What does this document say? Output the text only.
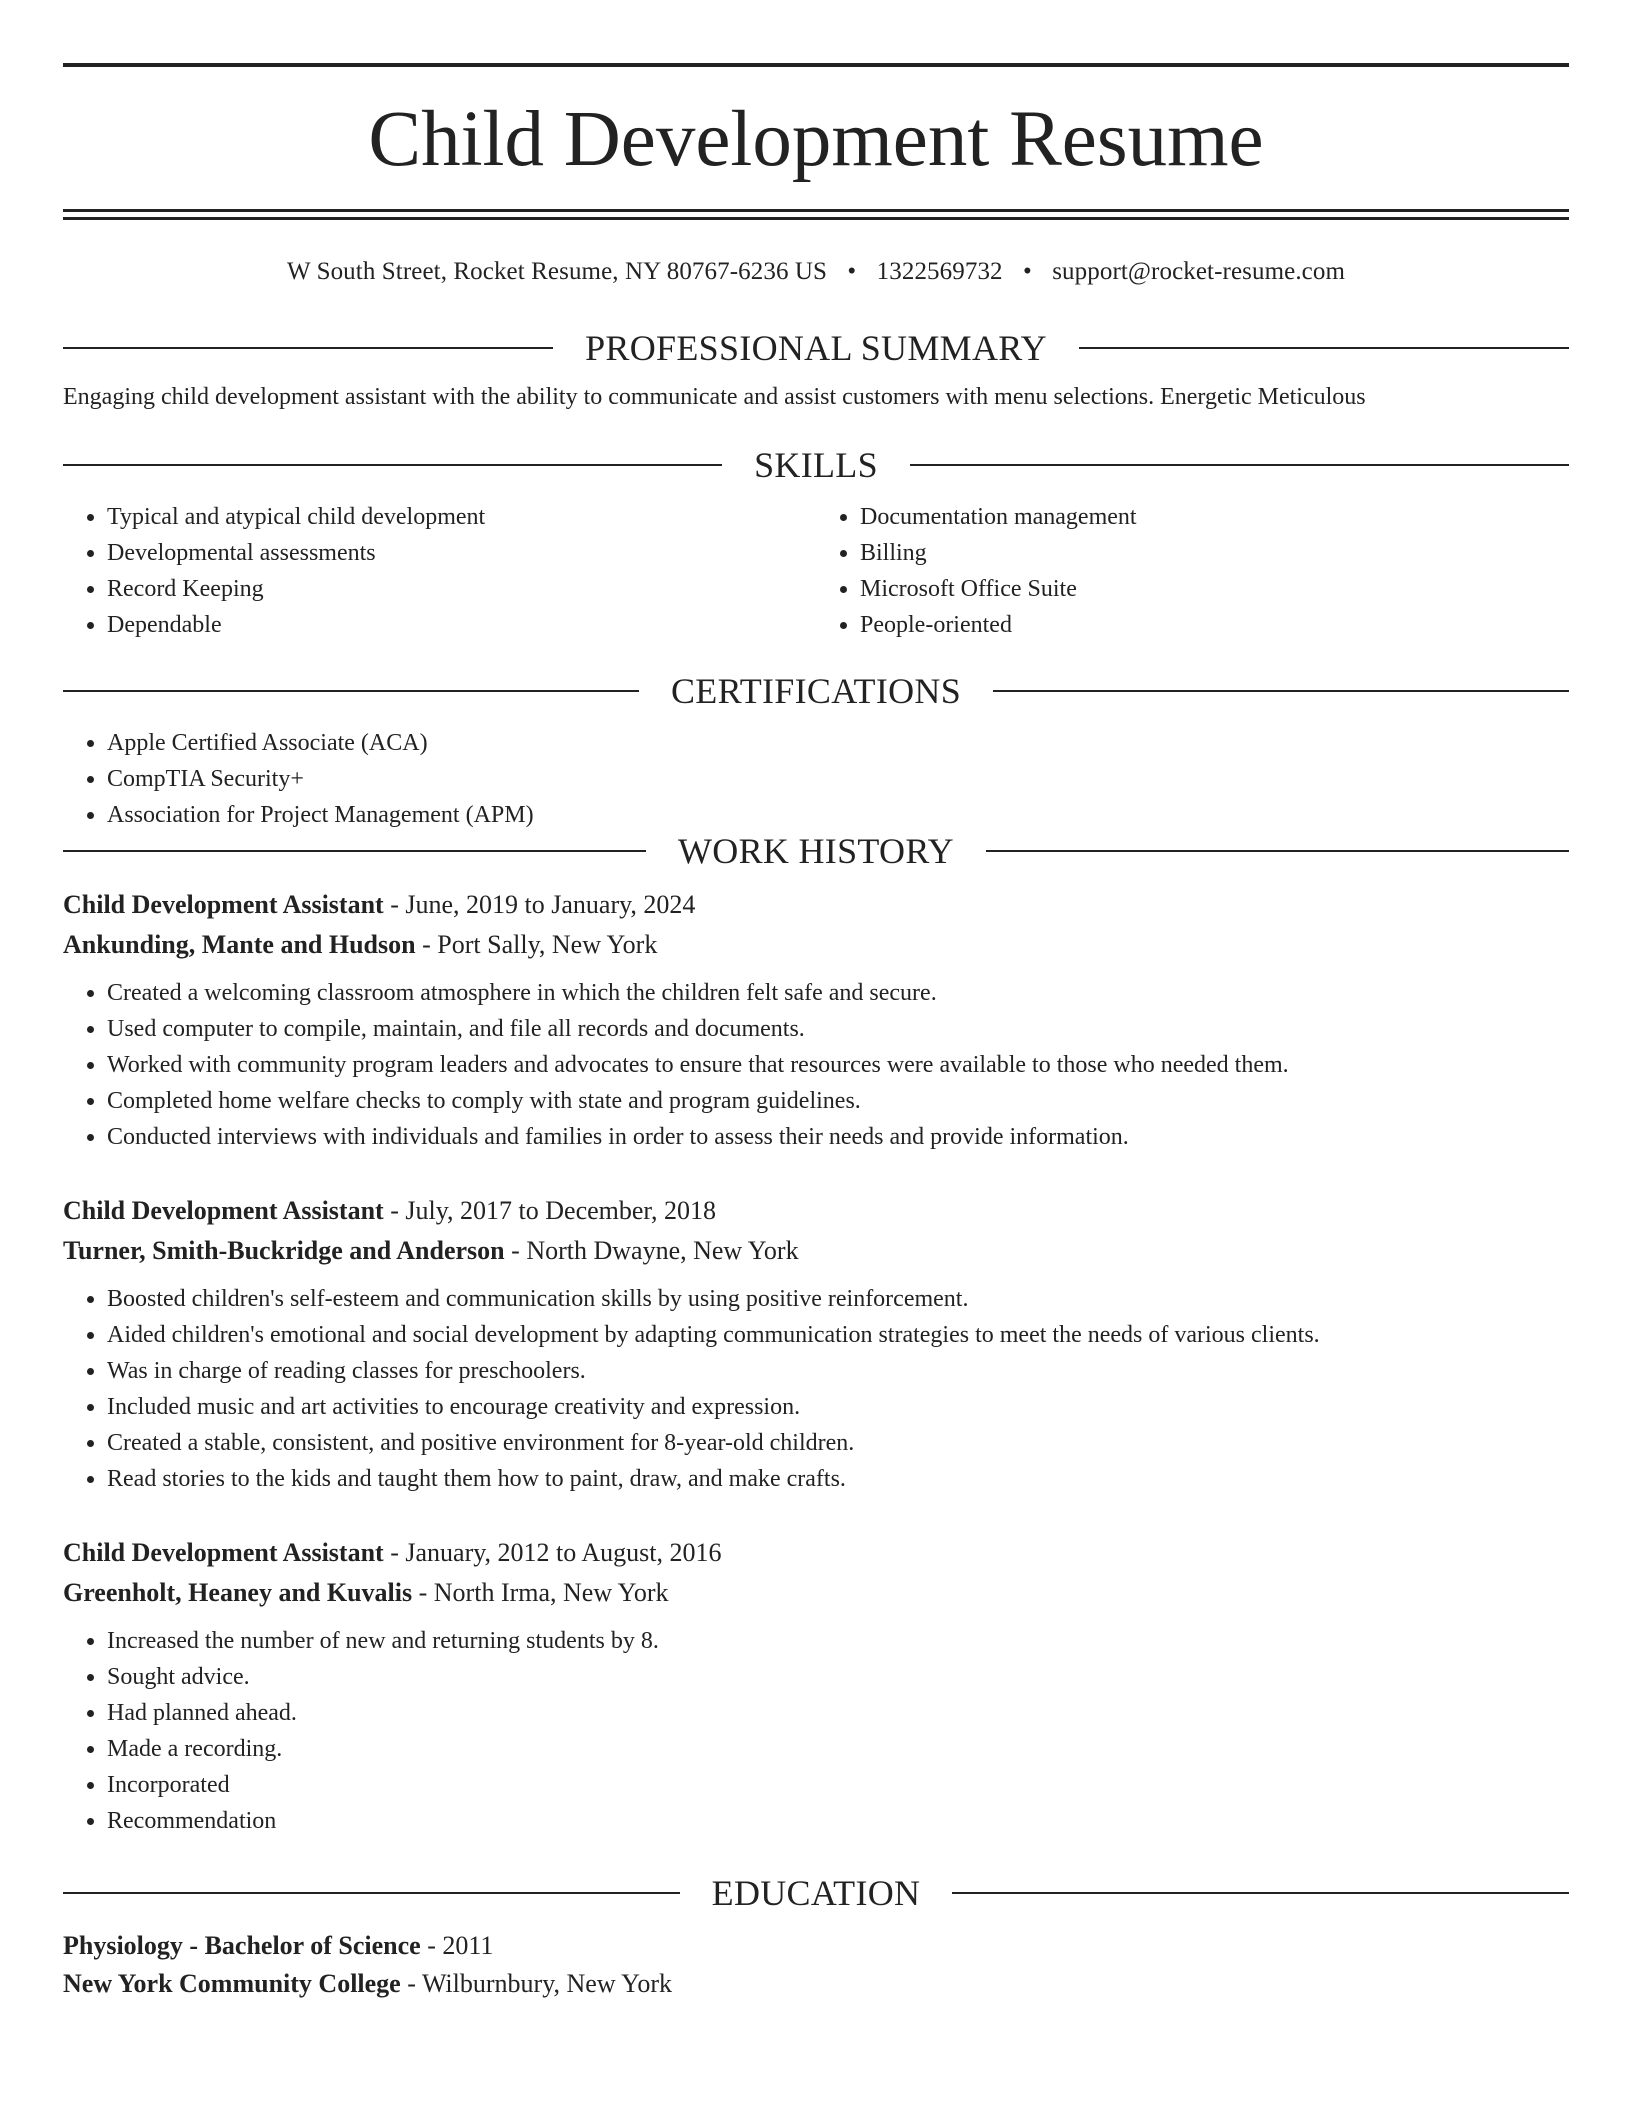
Child Development Resume
W South Street, Rocket Resume, NY 80767-6236 US • 1322569732 • support@rocket-resume.com
PROFESSIONAL SUMMARY

Engaging child development assistant with the ability to communicate and assist customers with menu selections. Energetic Meticulous

SKILLS
• Typical and atypical child development
• Developmental assessments
• Record Keeping
• Dependable
• Documentation management
• Billing
• Microsoft Office Suite
• People-oriented
CERTIFICATIONS
• Apple Certified Associate (ACA)
• CompTIA Security+
• Association for Project Management (APM)
WORK HISTORY
Child Development Assistant - June, 2019 to January, 2024
Ankunding, Mante and Hudson - Port Sally, New York
• Created a welcoming classroom atmosphere in which the children felt safe and secure.
• Used computer to compile, maintain, and file all records and documents.
• Worked with community program leaders and advocates to ensure that resources were available to those who needed them.
• Completed home welfare checks to comply with state and program guidelines.
• Conducted interviews with individuals and families in order to assess their needs and provide information.
Child Development Assistant - July, 2017 to December, 2018
Turner, Smith-Buckridge and Anderson - North Dwayne, New York
• Boosted children's self-esteem and communication skills by using positive reinforcement.
• Aided children's emotional and social development by adapting communication strategies to meet the needs of various clients.
• Was in charge of reading classes for preschoolers.
• Included music and art activities to encourage creativity and expression.
• Created a stable, consistent, and positive environment for 8-year-old children.
• Read stories to the kids and taught them how to paint, draw, and make crafts.
Child Development Assistant - January, 2012 to August, 2016
Greenholt, Heaney and Kuvalis - North Irma, New York
• Increased the number of new and returning students by 8.
• Sought advice.
• Had planned ahead.
• Made a recording.
• Incorporated
• Recommendation
EDUCATION
Physiology - Bachelor of Science - 2011
New York Community College - Wilburnbury, New York
